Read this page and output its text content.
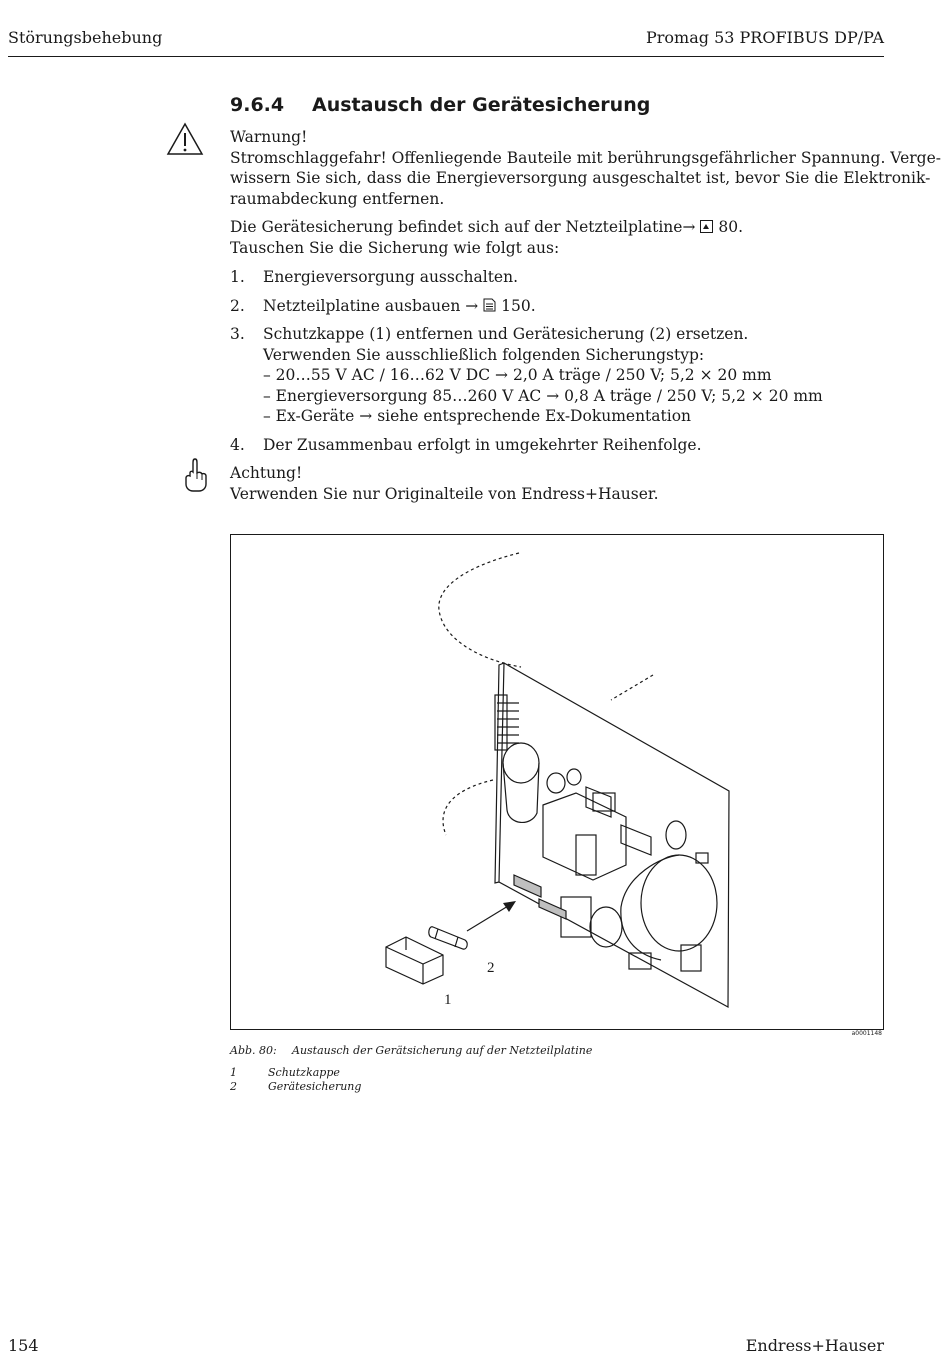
Störungsbehebung	Promag 53 PROFIBUS DP/PA
9.6.4 Austausch der Gerätesicherung
Warnung!
Stromschlaggefahr! Offenliegende Bauteile mit berührungsgefährlicher Spannung. Verge-
wissern Sie sich, dass die Energieversorgung ausgeschaltet ist, bevor Sie die Elektronik-
raumabdeckung entfernen.
Die Gerätesicherung befindet sich auf der Netzteilplatine→ 80.
Tauschen Sie die Sicherung wie folgt aus:
1. Energieversorgung ausschalten.
2. Netzteilplatine ausbauen → 150.
3. Schutzkappe (1) entfernen und Gerätesicherung (2) ersetzen.
Verwenden Sie ausschließlich folgenden Sicherungstyp:
– 20…55 V AC / 16…62 V DC → 2,0 A träge / 250 V; 5,2 × 20 mm
– Energieversorgung 85…260 V AC → 0,8 A träge / 250 V; 5,2 × 20 mm
– Ex-Geräte → siehe entsprechende Ex-Dokumentation
4. Der Zusammenbau erfolgt in umgekehrter Reihenfolge.
Achtung!
Verwenden Sie nur Originalteile von Endress+Hauser.
2
1
a0001148
Abb. 80: Austausch der Gerätsicherung auf der Netzteilplatine
1	Schutzkappe
2	Gerätesicherung
154	Endress+Hauser
